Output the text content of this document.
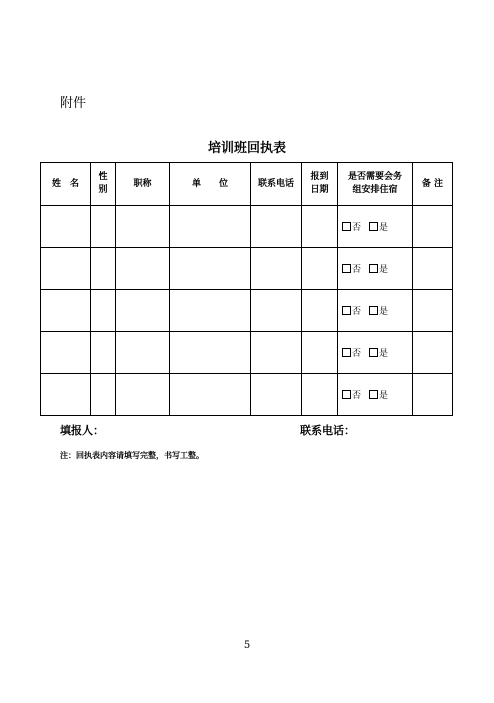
附件
培训班回执表
姓　名	性别	职称	单　　位	联系电话	报到日期	是否需要会务组安排住宿	备 注

						否 是	

						否 是	

						否 是	

						否 是	

						否 是	

填报人：	联系电话：
注：回执表内容请填写完整，书写工整。
5
